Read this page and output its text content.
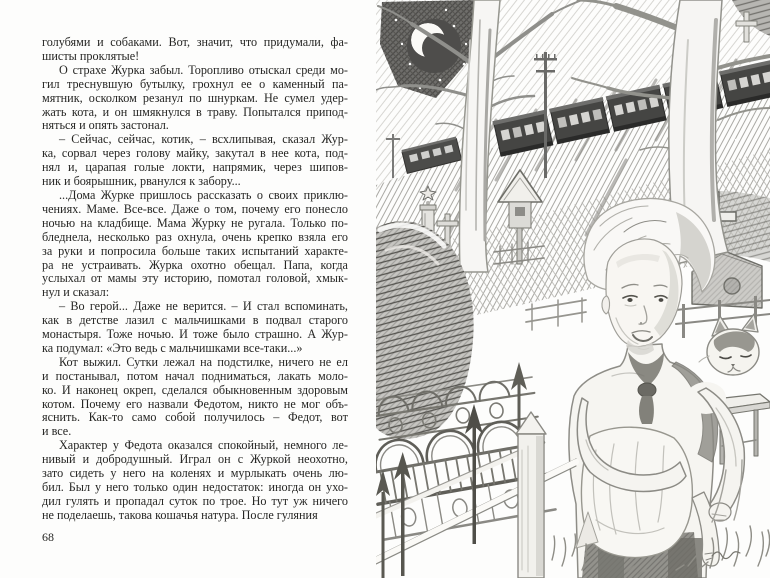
голубями и собаками. Вот, значит, что придумали, фа-
шисты проклятые!
О страхе Журка забыл. Торопливо отыскал среди мо-
гил треснувшую бутылку, грохнул ее о каменный па-
мятник, осколком резанул по шнуркам. Не сумел удер-
жать кота, и он шмякнулся в траву. Попытался припод-
няться и опять застонал.
– Сейчас, сейчас, котик, – всхлипывая, сказал Жур-
ка, сорвал через голову майку, закутал в нее кота, под-
нял и, царапая голые локти, напрямик, через шипов-
ник и боярышник, рванулся к забору...
...Дома Журке пришлось рассказать о своих приклю-
чениях. Маме. Все-все. Даже о том, почему его понесло
ночью на кладбище. Мама Журку не ругала. Только по-
бледнела, несколько раз охнула, очень крепко взяла его
за руки и попросила больше таких испытаний характе-
ра не устраивать. Журка охотно обещал. Папа, когда
услыхал от мамы эту историю, помотал головой, хмык-
нул и сказал:
– Во герой... Даже не верится. – И стал вспоминать,
как в детстве лазил с мальчишками в подвал старого
монастыря. Тоже ночью. И тоже было страшно. А Жур-
ка подумал: «Это ведь с мальчишками все-таки...»
Кот выжил. Сутки лежал на подстилке, ничего не ел
и постанывал, потом начал подниматься, лакать моло-
ко. И наконец окреп, сделался обыкновенным здоровым
котом. Почему его назвали Федотом, никто не мог объ-
яснить. Как-то само собой получилось – Федот, вот
и все.
Характер у Федота оказался спокойный, немного ле-
нивый и добродушный. Играл он с Журкой неохотно,
зато сидеть у него на коленях и мурлыкать очень лю-
бил. Был у него только один недостаток: иногда он ухо-
дил гулять и пропадал суток по трое. Но тут уж ничего
не поделаешь, такова кошачья натура. После гуляния
68
